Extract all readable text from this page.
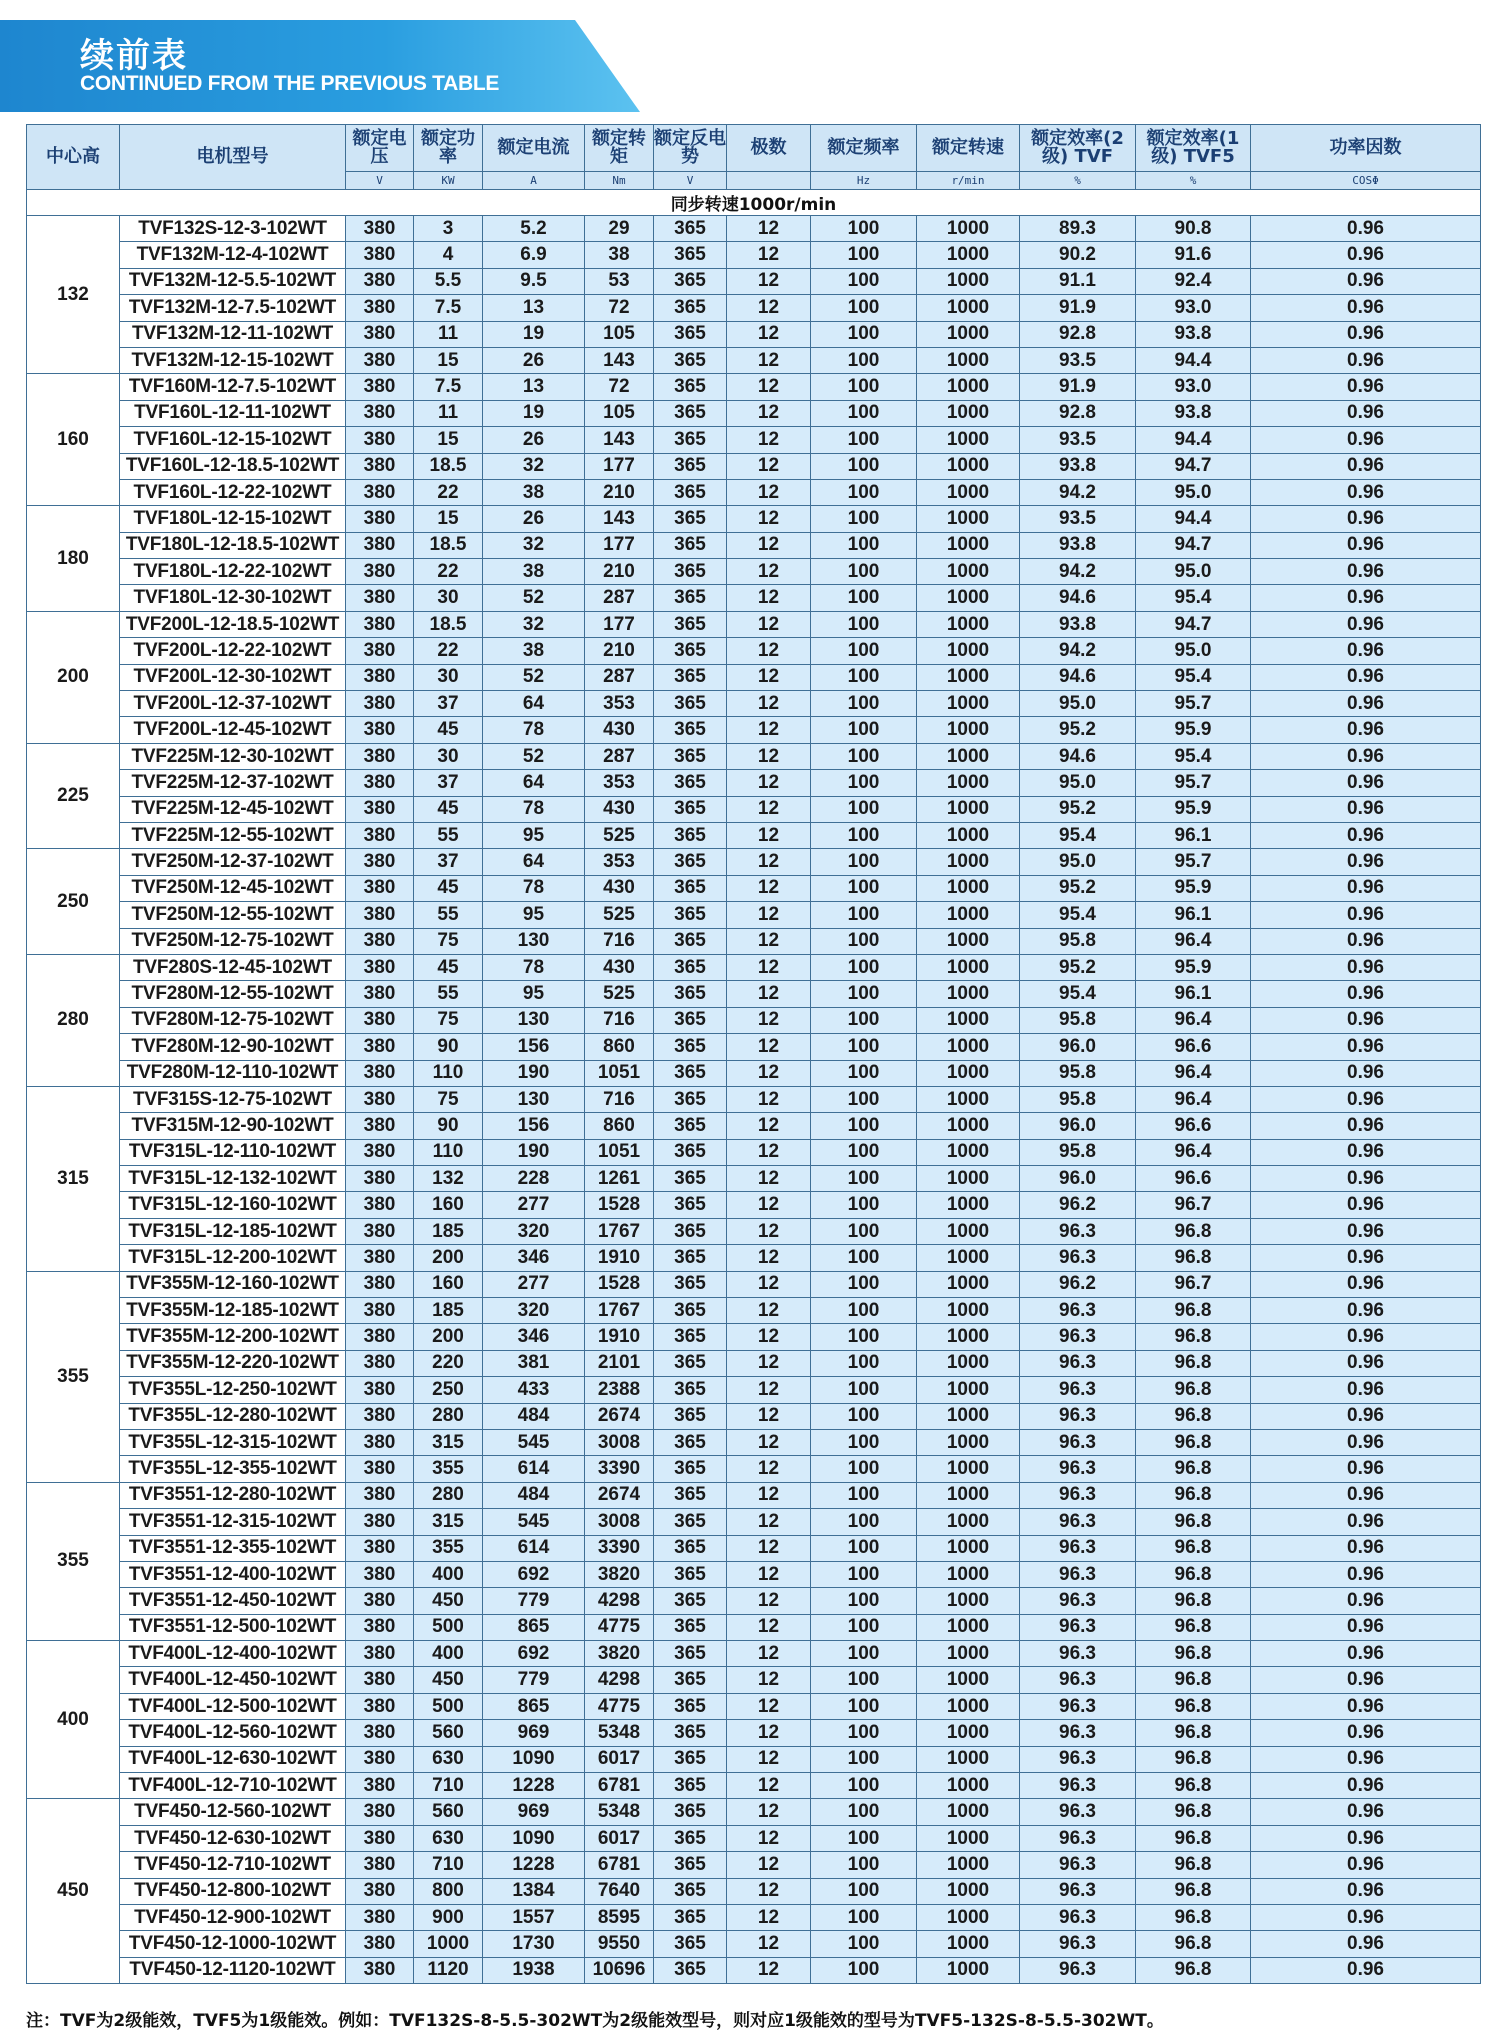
续前表
CONTINUED FROM THE PREVIOUS TABLE
中心高	电机型号	额定电压	额定功率	额定电流	额定转矩	额定反电势	极数	额定频率	额定转速	额定效率(2级) TVF	额定效率(1级) TVF5	功率因数
		V	KW	A	Nm	V		Hz	r/min	%	%	COSΦ
同步转速1000r/min												
132	TVF132S-12-3-102WT	380	3	5.2	29	365	12	100	1000	89.3	90.8	0.96
	TVF132M-12-4-102WT	380	4	6.9	38	365	12	100	1000	90.2	91.6	0.96
	TVF132M-12-5.5-102WT	380	5.5	9.5	53	365	12	100	1000	91.1	92.4	0.96
	TVF132M-12-7.5-102WT	380	7.5	13	72	365	12	100	1000	91.9	93.0	0.96
	TVF132M-12-11-102WT	380	11	19	105	365	12	100	1000	92.8	93.8	0.96
	TVF132M-12-15-102WT	380	15	26	143	365	12	100	1000	93.5	94.4	0.96
160	TVF160M-12-7.5-102WT	380	7.5	13	72	365	12	100	1000	91.9	93.0	0.96
	TVF160L-12-11-102WT	380	11	19	105	365	12	100	1000	92.8	93.8	0.96
	TVF160L-12-15-102WT	380	15	26	143	365	12	100	1000	93.5	94.4	0.96
	TVF160L-12-18.5-102WT	380	18.5	32	177	365	12	100	1000	93.8	94.7	0.96
	TVF160L-12-22-102WT	380	22	38	210	365	12	100	1000	94.2	95.0	0.96
180	TVF180L-12-15-102WT	380	15	26	143	365	12	100	1000	93.5	94.4	0.96
	TVF180L-12-18.5-102WT	380	18.5	32	177	365	12	100	1000	93.8	94.7	0.96
	TVF180L-12-22-102WT	380	22	38	210	365	12	100	1000	94.2	95.0	0.96
	TVF180L-12-30-102WT	380	30	52	287	365	12	100	1000	94.6	95.4	0.96
200	TVF200L-12-18.5-102WT	380	18.5	32	177	365	12	100	1000	93.8	94.7	0.96
	TVF200L-12-22-102WT	380	22	38	210	365	12	100	1000	94.2	95.0	0.96
	TVF200L-12-30-102WT	380	30	52	287	365	12	100	1000	94.6	95.4	0.96
	TVF200L-12-37-102WT	380	37	64	353	365	12	100	1000	95.0	95.7	0.96
	TVF200L-12-45-102WT	380	45	78	430	365	12	100	1000	95.2	95.9	0.96
225	TVF225M-12-30-102WT	380	30	52	287	365	12	100	1000	94.6	95.4	0.96
	TVF225M-12-37-102WT	380	37	64	353	365	12	100	1000	95.0	95.7	0.96
	TVF225M-12-45-102WT	380	45	78	430	365	12	100	1000	95.2	95.9	0.96
	TVF225M-12-55-102WT	380	55	95	525	365	12	100	1000	95.4	96.1	0.96
250	TVF250M-12-37-102WT	380	37	64	353	365	12	100	1000	95.0	95.7	0.96
	TVF250M-12-45-102WT	380	45	78	430	365	12	100	1000	95.2	95.9	0.96
	TVF250M-12-55-102WT	380	55	95	525	365	12	100	1000	95.4	96.1	0.96
	TVF250M-12-75-102WT	380	75	130	716	365	12	100	1000	95.8	96.4	0.96
280	TVF280S-12-45-102WT	380	45	78	430	365	12	100	1000	95.2	95.9	0.96
	TVF280M-12-55-102WT	380	55	95	525	365	12	100	1000	95.4	96.1	0.96
	TVF280M-12-75-102WT	380	75	130	716	365	12	100	1000	95.8	96.4	0.96
	TVF280M-12-90-102WT	380	90	156	860	365	12	100	1000	96.0	96.6	0.96
	TVF280M-12-110-102WT	380	110	190	1051	365	12	100	1000	95.8	96.4	0.96
315	TVF315S-12-75-102WT	380	75	130	716	365	12	100	1000	95.8	96.4	0.96
	TVF315M-12-90-102WT	380	90	156	860	365	12	100	1000	96.0	96.6	0.96
	TVF315L-12-110-102WT	380	110	190	1051	365	12	100	1000	95.8	96.4	0.96
	TVF315L-12-132-102WT	380	132	228	1261	365	12	100	1000	96.0	96.6	0.96
	TVF315L-12-160-102WT	380	160	277	1528	365	12	100	1000	96.2	96.7	0.96
	TVF315L-12-185-102WT	380	185	320	1767	365	12	100	1000	96.3	96.8	0.96
	TVF315L-12-200-102WT	380	200	346	1910	365	12	100	1000	96.3	96.8	0.96
355	TVF355M-12-160-102WT	380	160	277	1528	365	12	100	1000	96.2	96.7	0.96
	TVF355M-12-185-102WT	380	185	320	1767	365	12	100	1000	96.3	96.8	0.96
	TVF355M-12-200-102WT	380	200	346	1910	365	12	100	1000	96.3	96.8	0.96
	TVF355M-12-220-102WT	380	220	381	2101	365	12	100	1000	96.3	96.8	0.96
	TVF355L-12-250-102WT	380	250	433	2388	365	12	100	1000	96.3	96.8	0.96
	TVF355L-12-280-102WT	380	280	484	2674	365	12	100	1000	96.3	96.8	0.96
	TVF355L-12-315-102WT	380	315	545	3008	365	12	100	1000	96.3	96.8	0.96
	TVF355L-12-355-102WT	380	355	614	3390	365	12	100	1000	96.3	96.8	0.96
355	TVF3551-12-280-102WT	380	280	484	2674	365	12	100	1000	96.3	96.8	0.96
	TVF3551-12-315-102WT	380	315	545	3008	365	12	100	1000	96.3	96.8	0.96
	TVF3551-12-355-102WT	380	355	614	3390	365	12	100	1000	96.3	96.8	0.96
	TVF3551-12-400-102WT	380	400	692	3820	365	12	100	1000	96.3	96.8	0.96
	TVF3551-12-450-102WT	380	450	779	4298	365	12	100	1000	96.3	96.8	0.96
	TVF3551-12-500-102WT	380	500	865	4775	365	12	100	1000	96.3	96.8	0.96
400	TVF400L-12-400-102WT	380	400	692	3820	365	12	100	1000	96.3	96.8	0.96
	TVF400L-12-450-102WT	380	450	779	4298	365	12	100	1000	96.3	96.8	0.96
	TVF400L-12-500-102WT	380	500	865	4775	365	12	100	1000	96.3	96.8	0.96
	TVF400L-12-560-102WT	380	560	969	5348	365	12	100	1000	96.3	96.8	0.96
	TVF400L-12-630-102WT	380	630	1090	6017	365	12	100	1000	96.3	96.8	0.96
	TVF400L-12-710-102WT	380	710	1228	6781	365	12	100	1000	96.3	96.8	0.96
450	TVF450-12-560-102WT	380	560	969	5348	365	12	100	1000	96.3	96.8	0.96
	TVF450-12-630-102WT	380	630	1090	6017	365	12	100	1000	96.3	96.8	0.96
	TVF450-12-710-102WT	380	710	1228	6781	365	12	100	1000	96.3	96.8	0.96
	TVF450-12-800-102WT	380	800	1384	7640	365	12	100	1000	96.3	96.8	0.96
	TVF450-12-900-102WT	380	900	1557	8595	365	12	100	1000	96.3	96.8	0.96
	TVF450-12-1000-102WT	380	1000	1730	9550	365	12	100	1000	96.3	96.8	0.96
	TVF450-12-1120-102WT	380	1120	1938	10696	365	12	100	1000	96.3	96.8	0.96
注：TVF为2级能效，TVF5为1级能效。例如：TVF132S-8-5.5-302WT为2级能效型号，则对应1级能效的型号为TVF5-132S-8-5.5-302WT。
